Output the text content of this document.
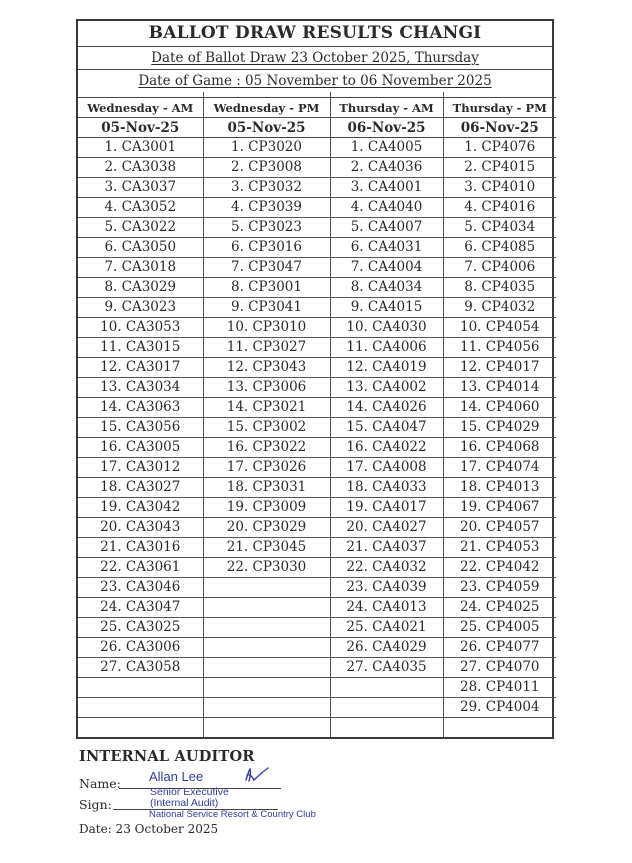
BALLOT DRAW RESULTS CHANGI
Date of Ballot Draw 23 October 2025, Thursday
Date of Game : 05 November to 06 November 2025

Wednesday - AM	Wednesday - PM	Thursday - AM	Thursday - PM
05-Nov-25	05-Nov-25	06-Nov-25	06-Nov-25
1. CA3001	1. CP3020	1. CA4005	1. CP4076
2. CA3038	2. CP3008	2. CA4036	2. CP4015
3. CA3037	3. CP3032	3. CA4001	3. CP4010
4. CA3052	4. CP3039	4. CA4040	4. CP4016
5. CA3022	5. CP3023	5. CA4007	5. CP4034
6. CA3050	6. CP3016	6. CA4031	6. CP4085
7. CA3018	7. CP3047	7. CA4004	7. CP4006
8. CA3029	8. CP3001	8. CA4034	8. CP4035
9. CA3023	9. CP3041	9. CA4015	9. CP4032
10. CA3053	10. CP3010	10. CA4030	10. CP4054
11. CA3015	11. CP3027	11. CA4006	11. CP4056
12. CA3017	12. CP3043	12. CA4019	12. CP4017
13. CA3034	13. CP3006	13. CA4002	13. CP4014
14. CA3063	14. CP3021	14. CA4026	14. CP4060
15. CA3056	15. CP3002	15. CA4047	15. CP4029
16. CA3005	16. CP3022	16. CA4022	16. CP4068
17. CA3012	17. CP3026	17. CA4008	17. CP4074
18. CA3027	18. CP3031	18. CA4033	18. CP4013
19. CA3042	19. CP3009	19. CA4017	19. CP4067
20. CA3043	20. CP3029	20. CA4027	20. CP4057
21. CA3016	21. CP3045	21. CA4037	21. CP4053
22. CA3061	22. CP3030	22. CA4032	22. CP4042
23. CA3046		23. CA4039	23. CP4059
24. CA3047		24. CA4013	24. CP4025
25. CA3025		25. CA4021	25. CP4005
26. CA3006		26. CA4029	26. CP4077
27. CA3058		27. CA4035	27. CP4070
			28. CP4011
			29. CP4004

INTERNAL AUDITOR
Name: Allan Lee
Senior Executive
Sign:	(Internal Audit)
National Service Resort & Country Club
Date: 23 October 2025
